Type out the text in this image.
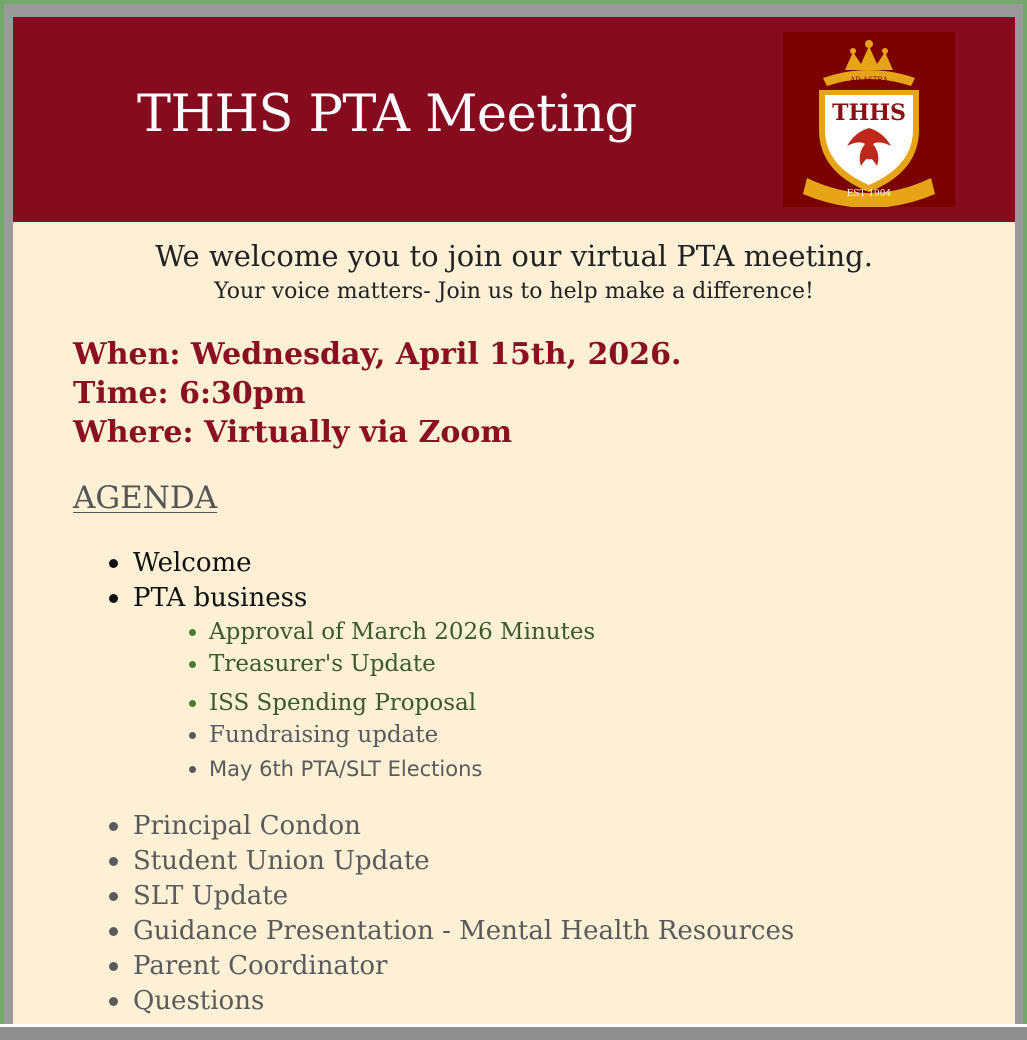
THHS PTA Meeting
AD ASTRA
THHS
EST 1904
We welcome you to join our virtual PTA meeting.
Your voice matters- Join us to help make a difference!
When: Wednesday, April 15th, 2026.
Time: 6:30pm
Where: Virtually via Zoom
AGENDA
Welcome
PTA business
Approval of March 2026 Minutes
Treasurer's Update
ISS Spending Proposal
Fundraising update
May 6th PTA/SLT Elections
Principal Condon
Student Union Update
SLT Update
Guidance Presentation - Mental Health Resources
Parent Coordinator
Questions
